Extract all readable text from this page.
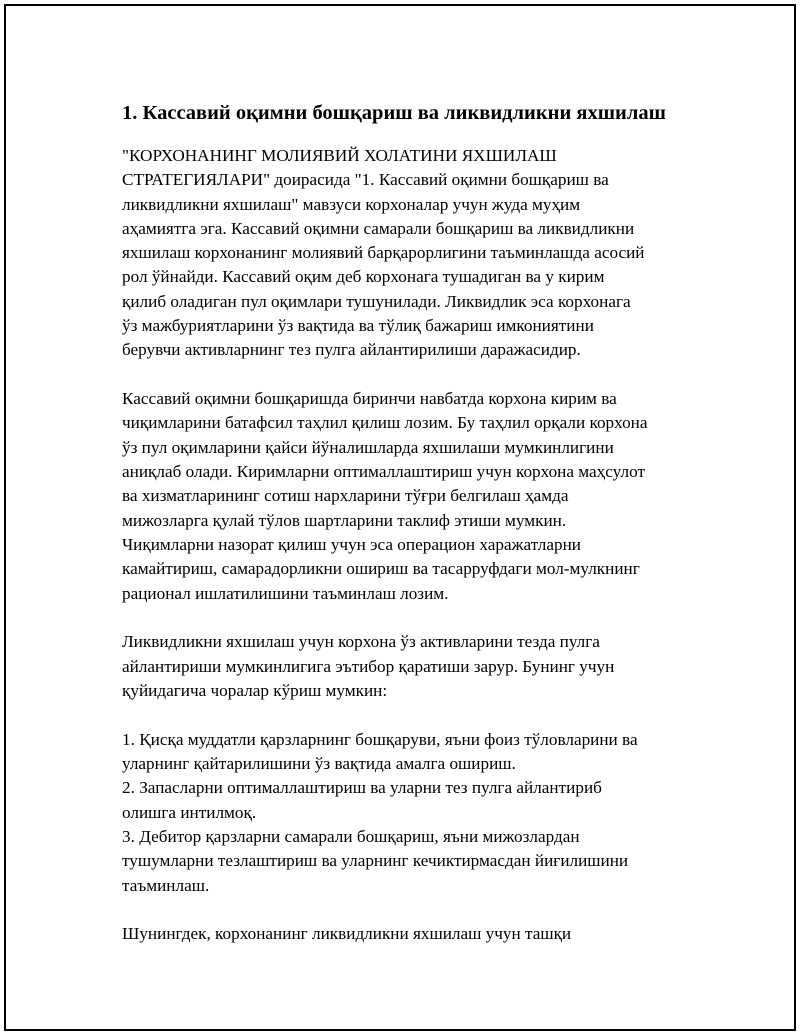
1. Кассавий оқимни бошқариш ва ликвидликни яхшилаш

"КОРХОНАНИНГ МОЛИЯВИЙ ХОЛАТИНИ ЯХШИЛАШ
СТРАТЕГИЯЛАРИ" доирасида "1. Кассавий оқимни бошқариш ва
ликвидликни яхшилаш" мавзуси корхоналар учун жуда муҳим
аҳамиятга эга. Кассавий оқимни самарали бошқариш ва ликвидликни
яхшилаш корхонанинг молиявий барқарорлигини таъминлашда асосий
рол ўйнайди. Кассавий оқим деб корхонага тушадиган ва у кирим
қилиб оладиган пул оқимлари тушунилади. Ликвидлик эса корхонага
ўз мажбуриятларини ўз вақтида ва тўлиқ бажариш имкониятини
берувчи активларнинг тез пулга айлантирилиши даражасидир.

Кассавий оқимни бошқаришда биринчи навбатда корхона кирим ва
чиқимларини батафсил таҳлил қилиш лозим. Бу таҳлил орқали корхона
ўз пул оқимларини қайси йўналишларда яхшилаши мумкинлигини
аниқлаб олади. Киримларни оптималлаштириш учун корхона маҳсулот
ва хизматларининг сотиш нархларини тўғри белгилаш ҳамда
мижозларга қулай тўлов шартларини таклиф этиши мумкин.
Чиқимларни назорат қилиш учун эса операцион харажатларни
камайтириш, самарадорликни ошириш ва тасарруфдаги мол-мулкнинг
рационал ишлатилишини таъминлаш лозим.

Ликвидликни яхшилаш учун корхона ўз активларини тезда пулга
айлантириши мумкинлигига эътибор қаратиши зарур. Бунинг учун
қуйидагича чоралар кўриш мумкин:

1. Қисқа муддатли қарзларнинг бошқаруви, яъни фоиз тўловларини ва
уларнинг қайтарилишини ўз вақтида амалга ошириш.
2. Запасларни оптималлаштириш ва уларни тез пулга айлантириб
олишга интилмоқ.
3. Дебитор қарзларни самарали бошқариш, яъни мижозлардан
тушумларни тезлаштириш ва уларнинг кечиктирмасдан йиғилишини
таъминлаш.

Шунингдек, корхонанинг ликвидликни яхшилаш учун ташқи
